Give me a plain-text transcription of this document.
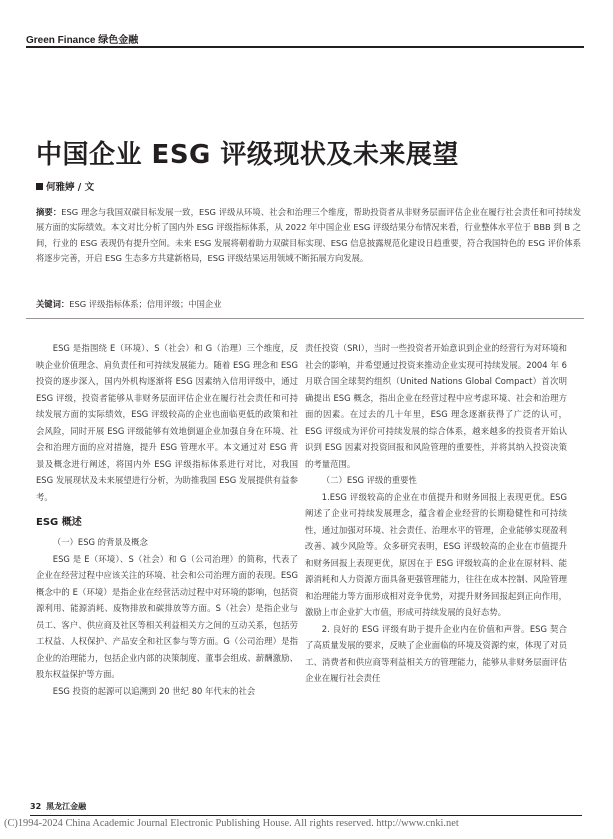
Green Finance 绿色金融
中国企业 ESG 评级现状及未来展望
何雅婷 / 文
摘要：ESG 理念与我国双碳目标发展一致，ESG 评级从环境、社会和治理三个维度，帮助投资者从非财务层面评估企业在履行社会责任和可持续发展方面的实际绩效。本文对比分析了国内外 ESG 评级指标体系，从 2022 年中国企业 ESG 评级结果分布情况来看，行业整体水平位于 BBB 到 B 之间，行业的 ESG 表现仍有提升空间。未来 ESG 发展将朝着助力双碳目标实现、ESG 信息披露规范化建设日趋重要，符合我国特色的 ESG 评价体系将逐步完善，开启 ESG 生态多方共建新格局，ESG 评级结果运用领域不断拓展方向发展。
关键词：ESG 评级指标体系；信用评级；中国企业

ESG 是指围绕 E（环境）、S（社会）和 G（治理）三个维度，反映企业价值理念、肩负责任和可持续发展能力。随着 ESG 理念和 ESG 投资的逐步深入，国内外机构逐渐将 ESG 因素纳入信用评级中，通过 ESG 评级，投资者能够从非财务层面评估企业在履行社会责任和可持续发展方面的实际绩效，ESG 评级较高的企业也面临更低的政策和社会风险，同时开展 ESG 评级能够有效地倒逼企业加强自身在环境、社会和治理方面的应对措施，提升 ESG 管理水平。本文通过对 ESG 背景及概念进行阐述，将国内外 ESG 评级指标体系进行对比，对我国 ESG 发展现状及未来展望进行分析，为助推我国 ESG 发展提供有益参考。

ESG 概述

（一）ESG 的背景及概念

ESG 是 E（环境）、S（社会）和 G（公司治理）的简称，代表了企业在经营过程中应该关注的环境、社会和公司治理方面的表现。ESG 概念中的 E（环境）是指企业在经营活动过程中对环境的影响，包括资源利用、能源消耗、废物排放和碳排放等方面。S（社会）是指企业与员工、客户、供应商及社区等相关利益相关方之间的互动关系，包括劳工权益、人权保护、产品安全和社区参与等方面。G（公司治理）是指企业的治理能力，包括企业内部的决策制度、董事会组成、薪酬激励、股东权益保护等方面。

ESG 投资的起源可以追溯到 20 世纪 80 年代末的社会

责任投资（SRI），当时一些投资者开始意识到企业的经营行为对环境和社会的影响，并希望通过投资来推动企业实现可持续发展。2004 年 6 月联合国全球契约组织（United Nations Global Compact）首次明确提出 ESG 概念，指出企业在经营过程中应考虑环境、社会和治理方面的因素。在过去的几十年里，ESG 理念逐渐获得了广泛的认可，ESG 评级成为评价可持续发展的综合体系，越来越多的投资者开始认识到 ESG 因素对投资回报和风险管理的重要性，并将其纳入投资决策的考量范围。

（二）ESG 评级的重要性

1.ESG 评级较高的企业在市值提升和财务回报上表现更优。ESG 阐述了企业可持续发展理念，蕴含着企业经营的长期稳健性和可持续性，通过加强对环境、社会责任、治理水平的管理，企业能够实现盈利改善、减少风险等。众多研究表明，ESG 评级较高的企业在市值提升和财务回报上表现更优，原因在于 ESG 评级较高的企业在原材料、能源消耗和人力资源方面具备更强管理能力，往往在成本控制、风险管理和治理能力等方面形成相对竞争优势，对提升财务回报起到正向作用，激励上市企业扩大市值，形成可持续发展的良好态势。

2. 良好的 ESG 评级有助于提升企业内在价值和声誉。ESG 契合了高质量发展的要求，反映了企业面临的环境及资源约束，体现了对员工、消费者和供应商等利益相关方的管理能力，能够从非财务层面评估企业在履行社会责任

32 黑龙江金融
(C)1994-2024 China Academic Journal Electronic Publishing House. All rights reserved. http://www.cnki.net
